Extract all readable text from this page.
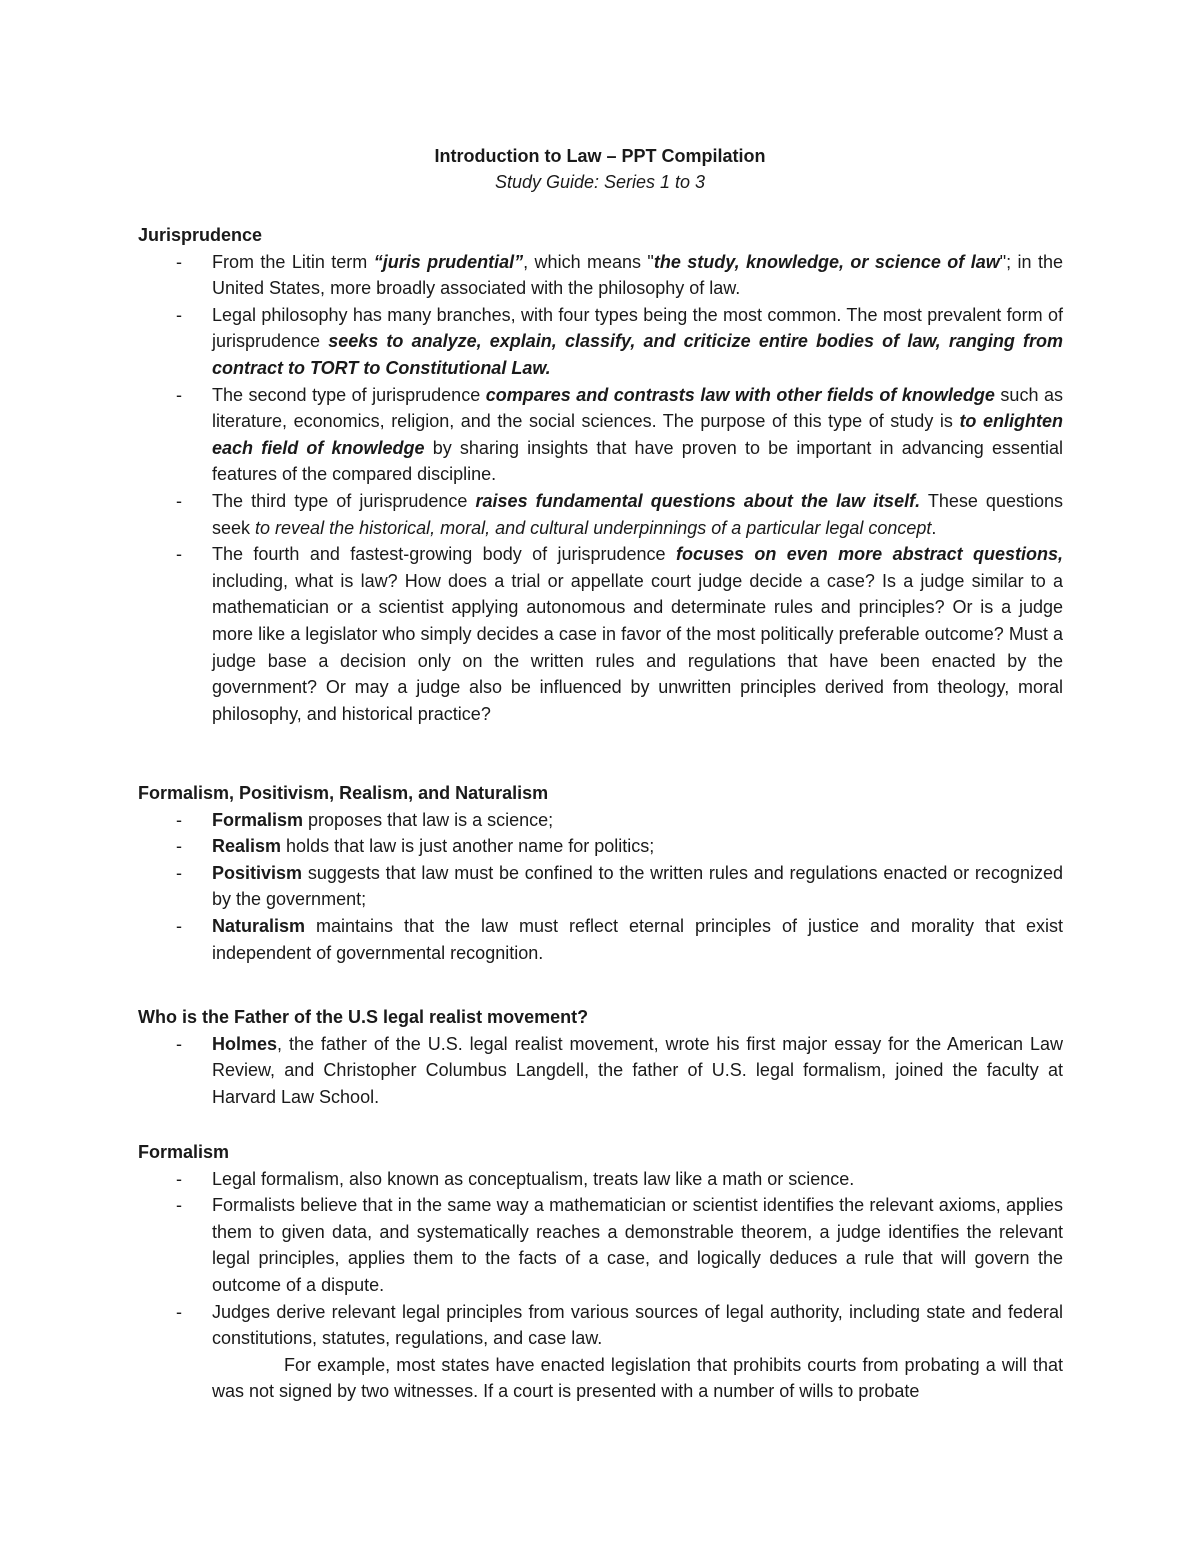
Introduction to Law – PPT Compilation
Study Guide: Series 1 to 3
Jurisprudence
- From the Litin term “juris prudential”, which means "the study, knowledge, or science of law"; in the United States, more broadly associated with the philosophy of law.
- Legal philosophy has many branches, with four types being the most common. The most prevalent form of jurisprudence seeks to analyze, explain, classify, and criticize entire bodies of law, ranging from contract to TORT to Constitutional Law.
- The second type of jurisprudence compares and contrasts law with other fields of knowledge such as literature, economics, religion, and the social sciences. The purpose of this type of study is to enlighten each field of knowledge by sharing insights that have proven to be important in advancing essential features of the compared discipline.
- The third type of jurisprudence raises fundamental questions about the law itself. These questions seek to reveal the historical, moral, and cultural underpinnings of a particular legal concept.
- The fourth and fastest-growing body of jurisprudence focuses on even more abstract questions, including, what is law? How does a trial or appellate court judge decide a case? Is a judge similar to a mathematician or a scientist applying autonomous and determinate rules and principles? Or is a judge more like a legislator who simply decides a case in favor of the most politically preferable outcome? Must a judge base a decision only on the written rules and regulations that have been enacted by the government? Or may a judge also be influenced by unwritten principles derived from theology, moral philosophy, and historical practice?
Formalism, Positivism, Realism, and Naturalism
- Formalism proposes that law is a science;
- Realism holds that law is just another name for politics;
- Positivism suggests that law must be confined to the written rules and regulations enacted or recognized by the government;
- Naturalism maintains that the law must reflect eternal principles of justice and morality that exist independent of governmental recognition.
Who is the Father of the U.S legal realist movement?
- Holmes, the father of the U.S. legal realist movement, wrote his first major essay for the American Law Review, and Christopher Columbus Langdell, the father of U.S. legal formalism, joined the faculty at Harvard Law School.
Formalism
- Legal formalism, also known as conceptualism, treats law like a math or science.
- Formalists believe that in the same way a mathematician or scientist identifies the relevant axioms, applies them to given data, and systematically reaches a demonstrable theorem, a judge identifies the relevant legal principles, applies them to the facts of a case, and logically deduces a rule that will govern the outcome of a dispute.
- Judges derive relevant legal principles from various sources of legal authority, including state and federal constitutions, statutes, regulations, and case law.

For example, most states have enacted legislation that prohibits courts from probating a will that was not signed by two witnesses. If a court is presented with a number of wills to probate
